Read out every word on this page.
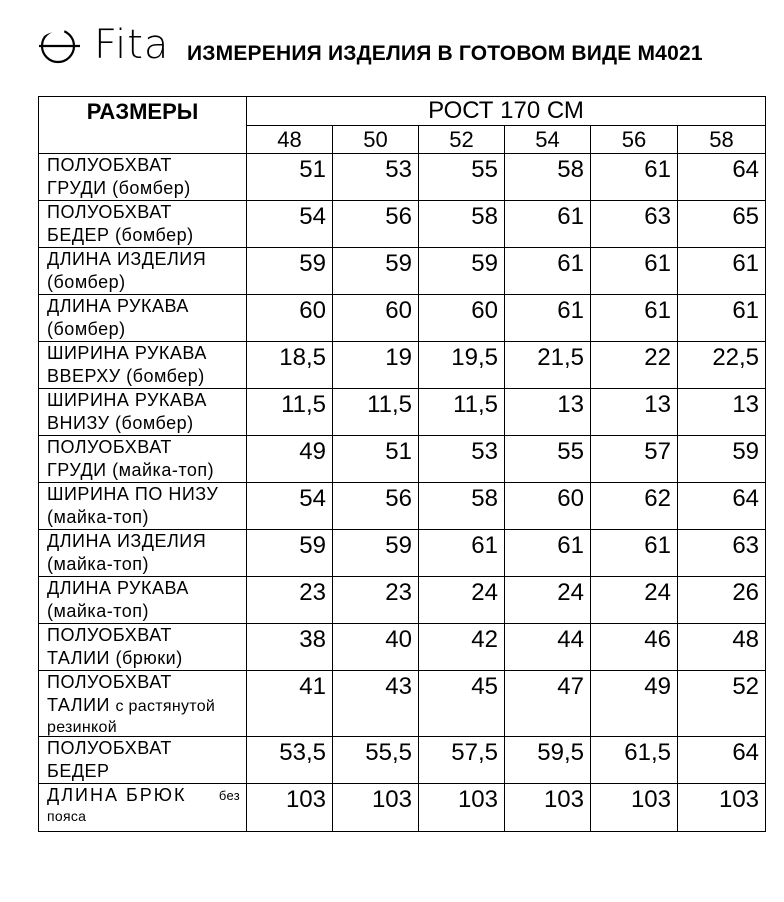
Fita ИЗМЕРЕНИЯ ИЗДЕЛИЯ В ГОТОВОМ ВИДЕ М4021
РАЗМЕРЫ	РОСТ 170 СМ					
	48	50	52	54	56	58

ПОЛУОБХВАТ
ГРУДИ (бомбер)	51	53	55	58	61	64

ПОЛУОБХВАТ
БЕДЕР (бомбер)	54	56	58	61	63	65

ДЛИНА ИЗДЕЛИЯ
(бомбер)	59	59	59	61	61	61

ДЛИНА РУКАВА
(бомбер)	60	60	60	61	61	61

ШИРИНА РУКАВА
ВВЕРХУ (бомбер)	18,5	19	19,5	21,5	22	22,5

ШИРИНА РУКАВА
ВНИЗУ (бомбер)	11,5	11,5	11,5	13	13	13

ПОЛУОБХВАТ
ГРУДИ (майка-топ)	49	51	53	55	57	59

ШИРИНА ПО НИЗУ
(майка-топ)	54	56	58	60	62	64

ДЛИНА ИЗДЕЛИЯ
(майка-топ)	59	59	61	61	61	63

ДЛИНА РУКАВА
(майка-топ)	23	23	24	24	24	26

ПОЛУОБХВАТ
ТАЛИИ (брюки)	38	40	42	44	46	48

ПОЛУОБХВАТ
ТАЛИИ с растянутой
резинкой	41	43	45	47	49	52

ПОЛУОБХВАТ
БЕДЕР	53,5	55,5	57,5	59,5	61,5	64

ДЛИНА БРЮК без
пояса	103	103	103	103	103	103
